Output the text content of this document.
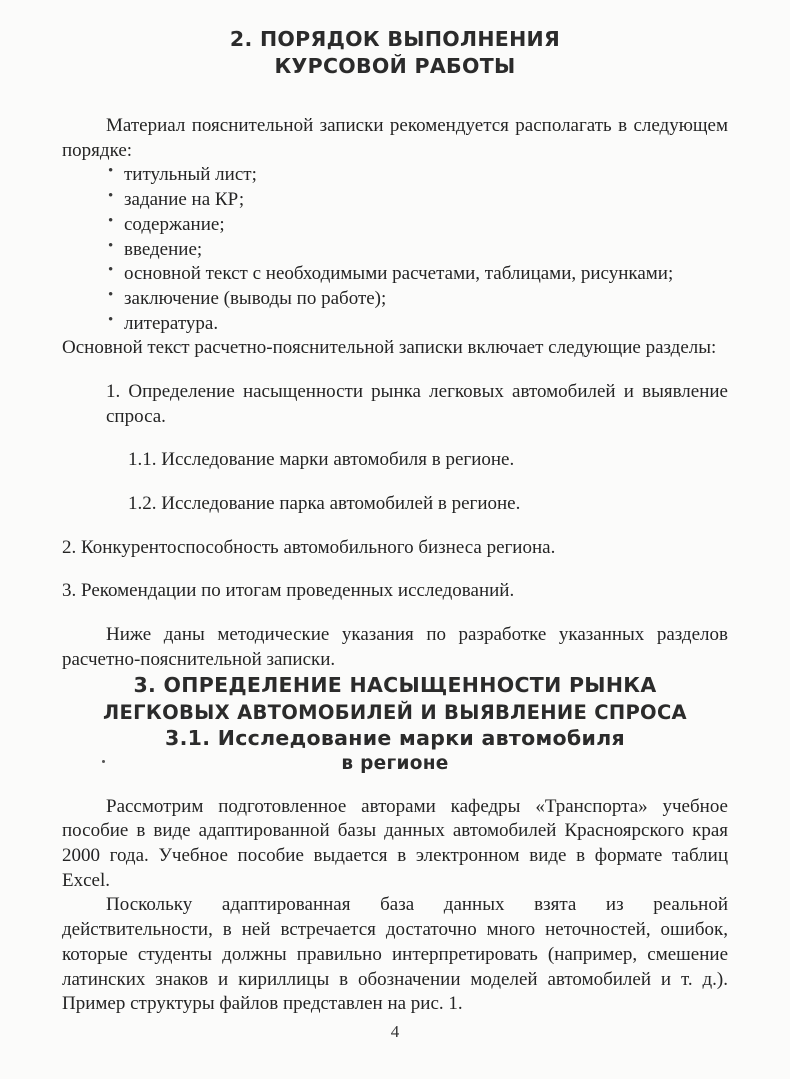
2. ПОРЯДОК ВЫПОЛНЕНИЯ
КУРСОВОЙ РАБОТЫ

Материал пояснительной записки рекомендуется располагать в следующем порядке:

• титульный лист;
• задание на КР;
• содержание;
• введение;
• основной текст с необходимыми расчетами, таблицами, рисунками;
• заключение (выводы по работе);
• литература.

Основной текст расчетно-пояснительной записки включает следующие разделы:

1. Определение насыщенности рынка легковых автомобилей и выявление спроса.

1.1. Исследование марки автомобиля в регионе.

1.2. Исследование парка автомобилей в регионе.

2. Конкурентоспособность автомобильного бизнеса региона.

3. Рекомендации по итогам проведенных исследований.

Ниже даны методические указания по разработке указанных разделов расчетно-пояснительной записки.

3. ОПРЕДЕЛЕНИЕ НАСЫЩЕННОСТИ РЫНКА
ЛЕГКОВЫХ АВТОМОБИЛЕЙ И ВЫЯВЛЕНИЕ СПРОСА
3.1. Исследование марки автомобиля
в регионе

Рассмотрим подготовленное авторами кафедры «Транспорта» учебное пособие в виде адаптированной базы данных автомобилей Красноярского края 2000 года. Учебное пособие выдается в электронном виде в формате таблиц Excel.

Поскольку адаптированная база данных взята из реальной действительности, в ней встречается достаточно много неточностей, ошибок, которые студенты должны правильно интерпретировать (например, смешение латинских знаков и кириллицы в обозначении моделей автомобилей и т. д.). Пример структуры файлов представлен на рис. 1.

4
